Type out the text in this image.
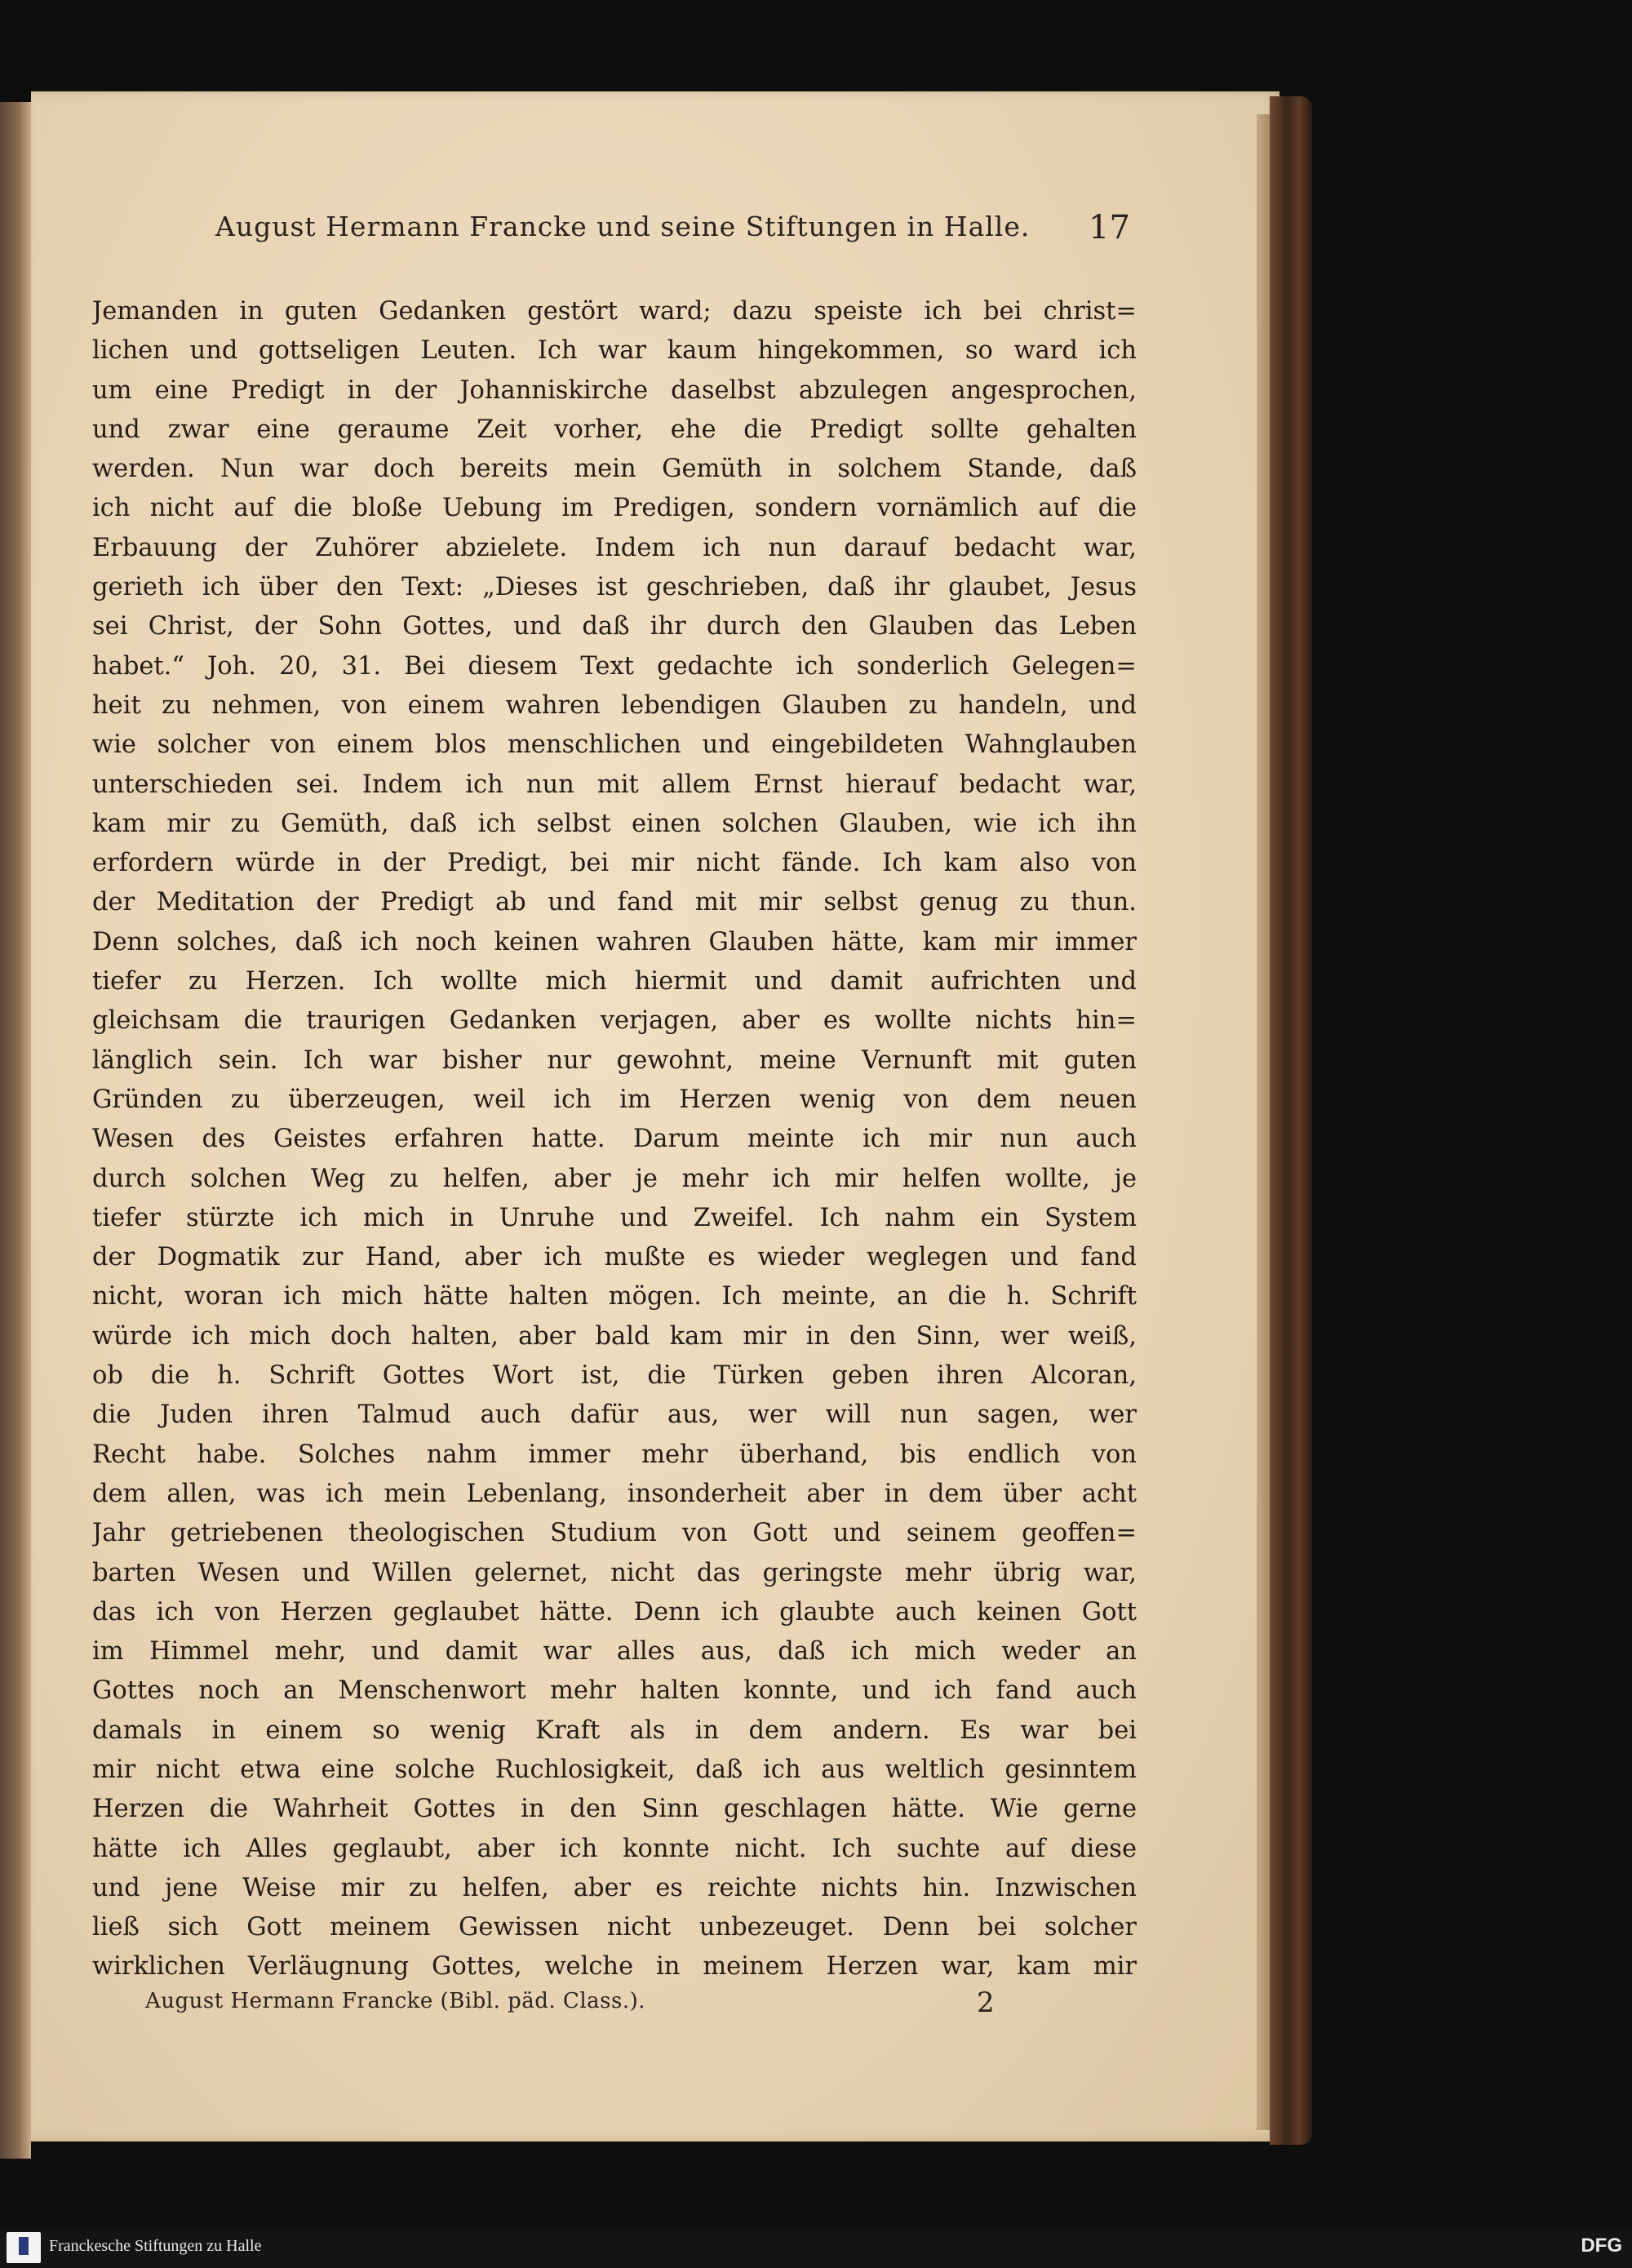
August Hermann Francke und seine Stiftungen in Halle.	17
Jemanden in guten Gedanken gestört ward; dazu speiste ich bei christ=
lichen und gottseligen Leuten. Ich war kaum hingekommen, so ward ich
um eine Predigt in der Johanniskirche daselbst abzulegen angesprochen,
und zwar eine geraume Zeit vorher, ehe die Predigt sollte gehalten
werden. Nun war doch bereits mein Gemüth in solchem Stande, daß
ich nicht auf die bloße Uebung im Predigen, sondern vornämlich auf die
Erbauung der Zuhörer abzielete. Indem ich nun darauf bedacht war,
gerieth ich über den Text: „Dieses ist geschrieben, daß ihr glaubet, Jesus
sei Christ, der Sohn Gottes, und daß ihr durch den Glauben das Leben
habet.“ Joh. 20, 31. Bei diesem Text gedachte ich sonderlich Gelegen=
heit zu nehmen, von einem wahren lebendigen Glauben zu handeln, und
wie solcher von einem blos menschlichen und eingebildeten Wahnglauben
unterschieden sei. Indem ich nun mit allem Ernst hierauf bedacht war,
kam mir zu Gemüth, daß ich selbst einen solchen Glauben, wie ich ihn
erfordern würde in der Predigt, bei mir nicht fände. Ich kam also von
der Meditation der Predigt ab und fand mit mir selbst genug zu thun.
Denn solches, daß ich noch keinen wahren Glauben hätte, kam mir immer
tiefer zu Herzen. Ich wollte mich hiermit und damit aufrichten und
gleichsam die traurigen Gedanken verjagen, aber es wollte nichts hin=
länglich sein. Ich war bisher nur gewohnt, meine Vernunft mit guten
Gründen zu überzeugen, weil ich im Herzen wenig von dem neuen
Wesen des Geistes erfahren hatte. Darum meinte ich mir nun auch
durch solchen Weg zu helfen, aber je mehr ich mir helfen wollte, je
tiefer stürzte ich mich in Unruhe und Zweifel. Ich nahm ein System
der Dogmatik zur Hand, aber ich mußte es wieder weglegen und fand
nicht, woran ich mich hätte halten mögen. Ich meinte, an die h. Schrift
würde ich mich doch halten, aber bald kam mir in den Sinn, wer weiß,
ob die h. Schrift Gottes Wort ist, die Türken geben ihren Alcoran,
die Juden ihren Talmud auch dafür aus, wer will nun sagen, wer
Recht habe. Solches nahm immer mehr überhand, bis endlich von
dem allen, was ich mein Lebenlang, insonderheit aber in dem über acht
Jahr getriebenen theologischen Studium von Gott und seinem geoffen=
barten Wesen und Willen gelernet, nicht das geringste mehr übrig war,
das ich von Herzen geglaubet hätte. Denn ich glaubte auch keinen Gott
im Himmel mehr, und damit war alles aus, daß ich mich weder an
Gottes noch an Menschenwort mehr halten konnte, und ich fand auch
damals in einem so wenig Kraft als in dem andern. Es war bei
mir nicht etwa eine solche Ruchlosigkeit, daß ich aus weltlich gesinntem
Herzen die Wahrheit Gottes in den Sinn geschlagen hätte. Wie gerne
hätte ich Alles geglaubt, aber ich konnte nicht. Ich suchte auf diese
und jene Weise mir zu helfen, aber es reichte nichts hin. Inzwischen
ließ sich Gott meinem Gewissen nicht unbezeuget. Denn bei solcher
wirklichen Verläugnung Gottes, welche in meinem Herzen war, kam mir
August Hermann Francke (Bibl. päd. Class.).	2
Franckesche Stiftungen zu Halle	DFG
